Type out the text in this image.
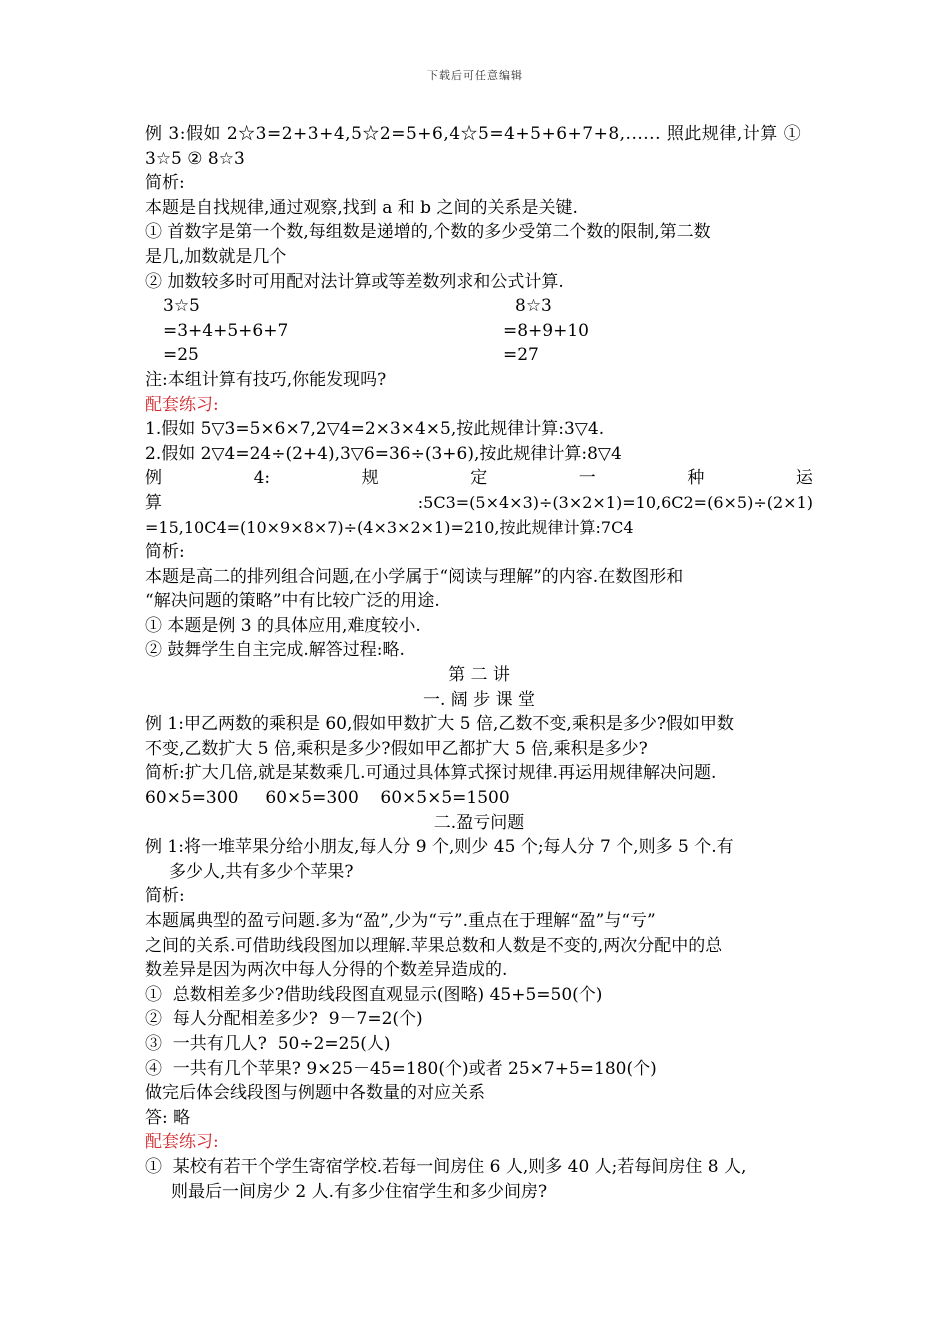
下载后可任意编辑
例 3:假如 2☆3=2+3+4,5☆2=5+6,4☆5=4+5+6+7+8,...... 照此规律,计算 ①
3☆5 ② 8☆3
简析:
本题是自找规律,通过观察,找到 a 和 b 之间的关系是关键.
① 首数字是第一个数,每组数是递增的,个数的多少受第二个数的限制,第二数
是几,加数就是几个
② 加数较多时可用配对法计算或等差数列求和公式计算.
3☆5	8☆3
=3+4+5+6+7	=8+9+10
=25	=27
注:本组计算有技巧,你能发现吗?
配套练习:
1.假如 5▽3=5×6×7,2▽4=2×3×4×5,按此规律计算:3▽4.
2.假如 2▽4=24÷(2+4),3▽6=36÷(3+6),按此规律计算:8▽4
例	4:	规	定	一	种	运
算	:5C3=(5×4×3)÷(3×2×1)=10,6C2=(6×5)÷(2×1)
=15,10C4=(10×9×8×7)÷(4×3×2×1)=210,按此规律计算:7C4
简析:
本题是高二的排列组合问题,在小学属于“阅读与理解”的内容.在数图形和
“解决问题的策略”中有比较广泛的用途.
① 本题是例 3 的具体应用,难度较小.
② 鼓舞学生自主完成.解答过程:略.
第 二 讲
一. 阔 步 课 堂
例 1:甲乙两数的乘积是 60,假如甲数扩大 5 倍,乙数不变,乘积是多少?假如甲数
不变,乙数扩大 5 倍,乘积是多少?假如甲乙都扩大 5 倍,乘积是多少?
简析:扩大几倍,就是某数乘几.可通过具体算式探讨规律.再运用规律解决问题.
60×5=300     60×5=300    60×5×5=1500
二.盈亏问题
例 1:将一堆苹果分给小朋友,每人分 9 个,则少 45 个;每人分 7 个,则多 5 个.有
多少人,共有多少个苹果?
简析:
本题属典型的盈亏问题.多为“盈”,少为“亏”.重点在于理解“盈”与“亏”
之间的关系.可借助线段图加以理解.苹果总数和人数是不变的,两次分配中的总
数差异是因为两次中每人分得的个数差异造成的.
①  总数相差多少?借助线段图直观显示(图略) 45+5=50(个)
②  每人分配相差多少?  9－7=2(个)
③  一共有几人?  50÷2=25(人)
④  一共有几个苹果? 9×25－45=180(个)或者 25×7+5=180(个)
做完后体会线段图与例题中各数量的对应关系
答: 略
配套练习:
①  某校有若干个学生寄宿学校.若每一间房住 6 人,则多 40 人;若每间房住 8 人,
则最后一间房少 2 人.有多少住宿学生和多少间房?
